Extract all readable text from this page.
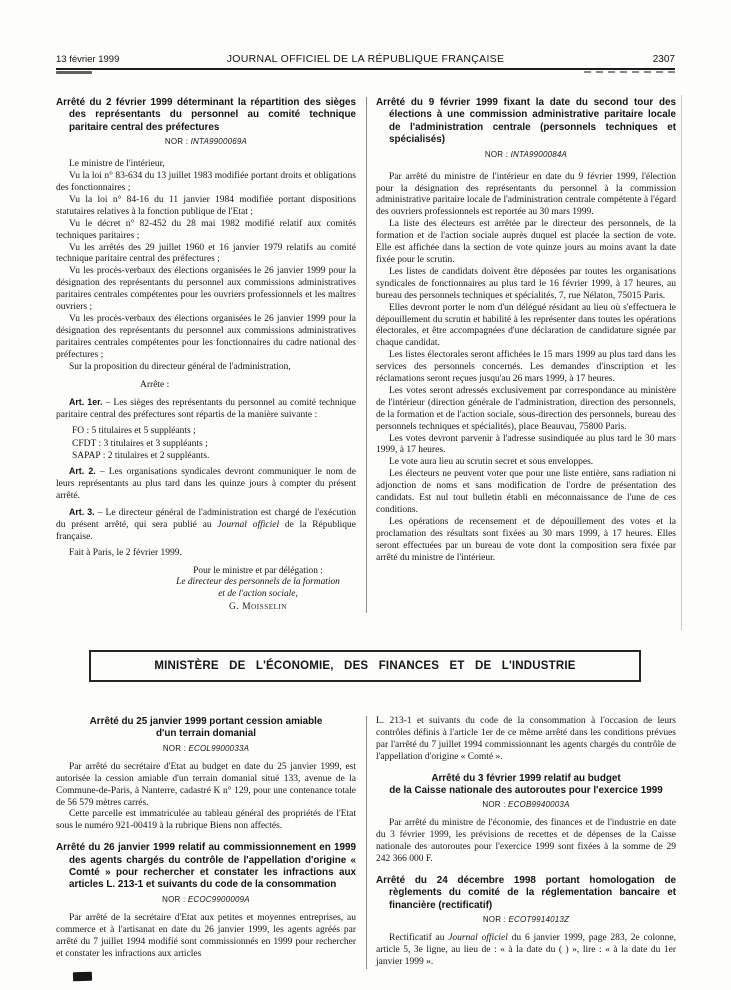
13 février 1999	JOURNAL OFFICIEL DE LA RÉPUBLIQUE FRANÇAISE	2307
Arrêté du 2 février 1999 déterminant la répartition des sièges des représentants du personnel au comité technique paritaire central des préfectures

NOR : INTA9900069A

Le ministre de l'intérieur,

Vu la loi n° 83-634 du 13 juillet 1983 modifiée portant droits et obligations des fonctionnaires ;

Vu la loi n° 84-16 du 11 janvier 1984 modifiée portant dispositions statutaires relatives à la fonction publique de l'Etat ;

Vu le décret n° 82-452 du 28 mai 1982 modifié relatif aux comités techniques paritaires ;

Vu les arrêtés des 29 juillet 1960 et 16 janvier 1979 relatifs au comité technique paritaire central des préfectures ;

Vu les procès-verbaux des élections organisées le 26 janvier 1999 pour la désignation des représentants du personnel aux commissions administratives paritaires centrales compétentes pour les ouvriers professionnels et les maîtres ouvriers ;

Vu les procès-verbaux des élections organisées le 26 janvier 1999 pour la désignation des représentants du personnel aux commissions administratives paritaires centrales compétentes pour les fonctionnaires du cadre national des préfectures ;

Sur la proposition du directeur général de l'administration,

Arrête :

Art. 1er. – Les sièges des représentants du personnel au comité technique paritaire central des préfectures sont répartis de la manière suivante :

FO : 5 titulaires et 5 suppléants ;

CFDT : 3 titulaires et 3 suppléants ;

SAPAP : 2 titulaires et 2 suppléants.

Art. 2. – Les organisations syndicales devront communiquer le nom de leurs représentants au plus tard dans les quinze jours à compter du présent arrêté.

Art. 3. – Le directeur général de l'administration est chargé de l'exécution du présent arrêté, qui sera publié au Journal officiel de la République française.

Fait à Paris, le 2 février 1999.

Pour le ministre et par délégation :

Le directeur des personnels de la formation

et de l'action sociale,

G. Moisselin

Arrêté du 9 février 1999 fixant la date du second tour des élections à une commission administrative paritaire locale de l'administration centrale (personnels techniques et spécialisés)

NOR : INTA9900084A

Par arrêté du ministre de l'intérieur en date du 9 février 1999, l'élection pour la désignation des représentants du personnel à la commission administrative paritaire locale de l'administration centrale compétente à l'égard des ouvriers professionnels est reportée au 30 mars 1999.

La liste des électeurs est arrêtée par le directeur des personnels, de la formation et de l'action sociale auprès duquel est placée la section de vote. Elle est affichée dans la section de vote quinze jours au moins avant la date fixée pour le scrutin.

Les listes de candidats doivent être déposées par toutes les organisations syndicales de fonctionnaires au plus tard le 16 février 1999, à 17 heures, au bureau des personnels techniques et spécialités, 7, rue Nélaton, 75015 Paris.

Elles devront porter le nom d'un délégué résidant au lieu où s'effectuera le dépouillement du scrutin et habilité à les représenter dans toutes les opérations électorales, et être accompagnées d'une déclaration de candidature signée par chaque candidat.

Les listes électorales seront affichées le 15 mars 1999 au plus tard dans les services des personnels concernés. Les demandes d'inscription et les réclamations seront reçues jusqu'au 26 mars 1999, à 17 heures.

Les votes seront adressés exclusivement par correspondance au ministère de l'intérieur (direction générale de l'administration, direction des personnels, de la formation et de l'action sociale, sous-direction des personnels, bureau des personnels techniques et spécialités), place Beauvau, 75800 Paris.

Les votes devront parvenir à l'adresse susindiquée au plus tard le 30 mars 1999, à 17 heures.

Le vote aura lieu au scrutin secret et sous enveloppes.

Les électeurs ne peuvent voter que pour une liste entière, sans radiation ni adjonction de noms et sans modification de l'ordre de présentation des candidats. Est nul tout bulletin établi en méconnaissance de l'une de ces conditions.

Les opérations de recensement et de dépouillement des votes et la proclamation des résultats sont fixées au 30 mars 1999, à 17 heures. Elles seront effectuées par un bureau de vote dont la composition sera fixée par arrêté du ministre de l'intérieur.

MINISTÈRE DE L'ÉCONOMIE, DES FINANCES ET DE L'INDUSTRIE
Arrêté du 25 janvier 1999 portant cession amiable
d'un terrain domanial

NOR : ECOL9900033A

Par arrêté du secrétaire d'Etat au budget en date du 25 janvier 1999, est autorisée la cession amiable d'un terrain domanial situé 133, avenue de la Commune-de-Paris, à Nanterre, cadastré K n° 129, pour une contenance totale de 56 579 mètres carrés.

Cette parcelle est immatriculée au tableau général des propriétés de l'Etat sous le numéro 921-00419 à la rubrique Biens non affectés.

Arrêté du 26 janvier 1999 relatif au commissionnement en 1999 des agents chargés du contrôle de l'appellation d'origine « Comté » pour rechercher et constater les infractions aux articles L. 213-1 et suivants du code de la consommation

NOR : ECOC9900009A

Par arrêté de la secrétaire d'Etat aux petites et moyennes entreprises, au commerce et à l'artisanat en date du 26 janvier 1999, les agents agréés par arrêté du 7 juillet 1994 modifié sont commissionnés en 1999 pour rechercher et constater les infractions aux articles

L. 213-1 et suivants du code de la consommation à l'occasion de leurs contrôles définis à l'article 1er de ce même arrêté dans les conditions prévues par l'arrêté du 7 juillet 1994 commissionnant les agents chargés du contrôle de l'appellation d'origine « Comté ».

Arrêté du 3 février 1999 relatif au budget
de la Caisse nationale des autoroutes pour l'exercice 1999

NOR : ECOB9940003A

Par arrêté du ministre de l'économie, des finances et de l'industrie en date du 3 février 1999, les prévisions de recettes et de dépenses de la Caisse nationale des autoroutes pour l'exercice 1999 sont fixées à la somme de 29 242 366 000 F.

Arrêté du 24 décembre 1998 portant homologation de règlements du comité de la réglementation bancaire et financière (rectificatif)

NOR : ECOT9914013Z

Rectificatif au Journal officiel du 6 janvier 1999, page 283, 2e colonne, article 5, 3e ligne, au lieu de : « à la date du ( ) », lire : « à la date du 1er janvier 1999 ».
